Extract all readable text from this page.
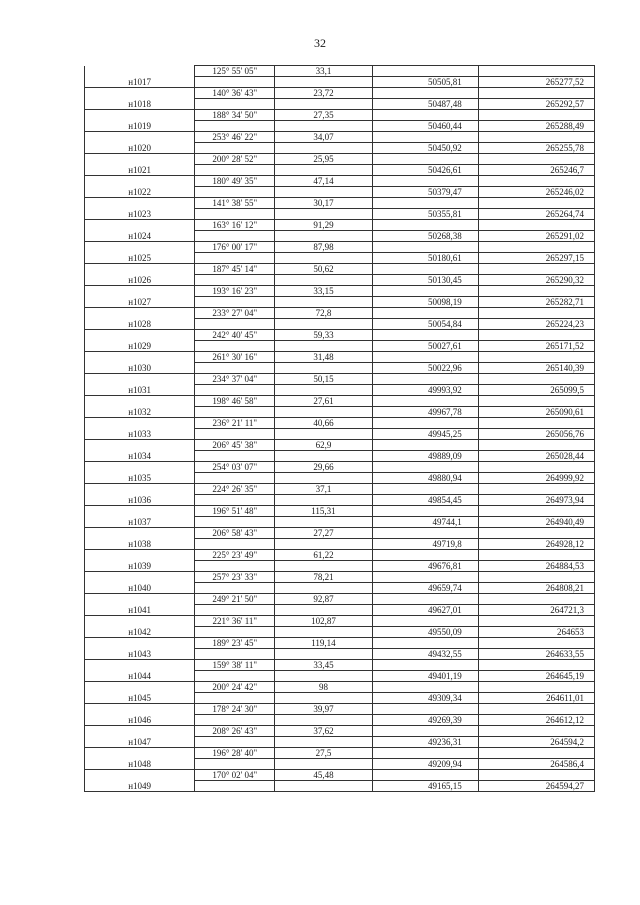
32
	125° 55' 05"	33,1		
н1017			50505,81	265277,52
	140° 36' 43"	23,72		
н1018			50487,48	265292,57
	188° 34' 50"	27,35		
н1019			50460,44	265288,49
	253° 46' 22"	34,07		
н1020			50450,92	265255,78
	200° 28' 52"	25,95		
н1021			50426,61	265246,7
	180° 49' 35"	47,14		
н1022			50379,47	265246,02
	141° 38' 55"	30,17		
н1023			50355,81	265264,74
	163° 16' 12"	91,29		
н1024			50268,38	265291,02
	176° 00' 17"	87,98		
н1025			50180,61	265297,15
	187° 45' 14"	50,62		
н1026			50130,45	265290,32
	193° 16' 23"	33,15		
н1027			50098,19	265282,71
	233° 27' 04"	72,8		
н1028			50054,84	265224,23
	242° 40' 45"	59,33		
н1029			50027,61	265171,52
	261° 30' 16"	31,48		
н1030			50022,96	265140,39
	234° 37' 04"	50,15		
н1031			49993,92	265099,5
	198° 46' 58"	27,61		
н1032			49967,78	265090,61
	236° 21' 11"	40,66		
н1033			49945,25	265056,76
	206° 45' 38"	62,9		
н1034			49889,09	265028,44
	254° 03' 07"	29,66		
н1035			49880,94	264999,92
	224° 26' 35"	37,1		
н1036			49854,45	264973,94
	196° 51' 48"	115,31		
н1037			49744,1	264940,49
	206° 58' 43"	27,27		
н1038			49719,8	264928,12
	225° 23' 49"	61,22		
н1039			49676,81	264884,53
	257° 23' 33"	78,21		
н1040			49659,74	264808,21
	249° 21' 50"	92,87		
н1041			49627,01	264721,3
	221° 36' 11"	102,87		
н1042			49550,09	264653
	189° 23' 45"	119,14		
н1043			49432,55	264633,55
	159° 38' 11"	33,45		
н1044			49401,19	264645,19
	200° 24' 42"	98		
н1045			49309,34	264611,01
	178° 24' 30"	39,97		
н1046			49269,39	264612,12
	208° 26' 43"	37,62		
н1047			49236,31	264594,2
	196° 28' 40"	27,5		
н1048			49209,94	264586,4
	170° 02' 04"	45,48		
н1049			49165,15	264594,27
